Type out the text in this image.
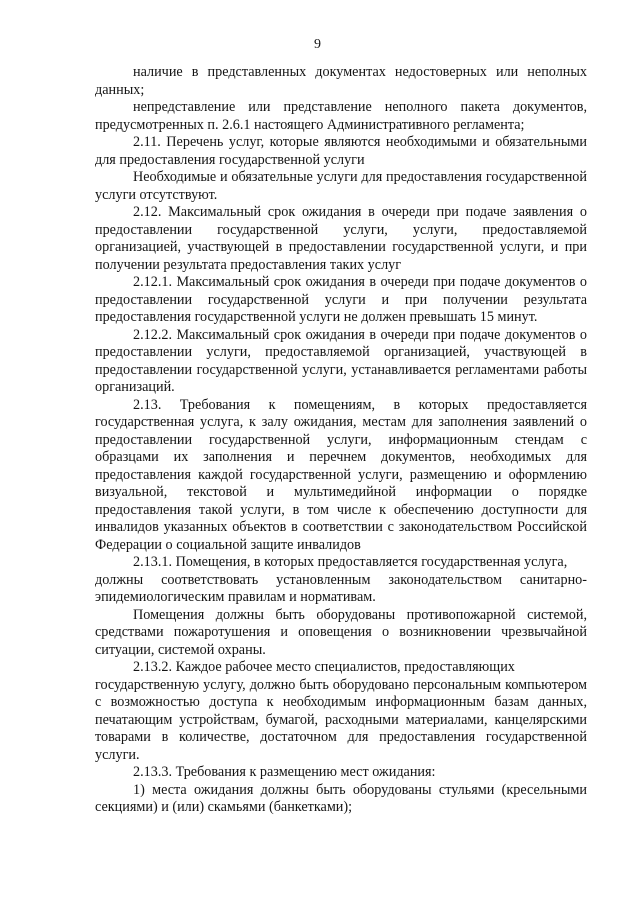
9

наличие в представленных документах недостоверных или неполных данных;

непредставление или представление неполного пакета документов, предусмотренных п. 2.6.1 настоящего Административного регламента;

2.11. Перечень услуг, которые являются необходимыми и обязательными для предоставления государственной услуги

Необходимые и обязательные услуги для предоставления государственной услуги отсутствуют.

2.12. Максимальный срок ожидания в очереди при подаче заявления о предоставлении государственной услуги, услуги, предоставляемой организацией, участвующей в предоставлении государственной услуги, и при получении результата предоставления таких услуг

2.12.1. Максимальный срок ожидания в очереди при подаче документов о предоставлении государственной услуги и при получении результата предоставления государственной услуги не должен превышать 15 минут.

2.12.2. Максимальный срок ожидания в очереди при подаче документов о предоставлении услуги, предоставляемой организацией, участвующей в предоставлении государственной услуги, устанавливается регламентами работы организаций.

2.13. Требования к помещениям, в которых предоставляется государственная услуга, к залу ожидания, местам для заполнения заявлений о предоставлении государственной услуги, информационным стендам с образцами их заполнения и перечнем документов, необходимых для предоставления каждой государственной услуги, размещению и оформлению визуальной, текстовой и мультимедийной информации о порядке предоставления такой услуги, в том числе к обеспечению доступности для инвалидов указанных объектов в соответствии с законодательством Российской Федерации о социальной защите инвалидов

2.13.1. Помещения, в которых предоставляется государственная услуга,

должны соответствовать установленным законодательством санитарно-эпидемиологическим правилам и нормативам.

Помещения должны быть оборудованы противопожарной системой, средствами пожаротушения и оповещения о возникновении чрезвычайной ситуации, системой охраны.

2.13.2. Каждое рабочее место специалистов, предоставляющих

государственную услугу, должно быть оборудовано персональным компьютером с возможностью доступа к необходимым информационным базам данных, печатающим устройствам, бумагой, расходными материалами, канцелярскими товарами в количестве, достаточном для предоставления государственной услуги.

2.13.3. Требования к размещению мест ожидания:

1) места ожидания должны быть оборудованы стульями (кресельными секциями) и (или) скамьями (банкетками);
